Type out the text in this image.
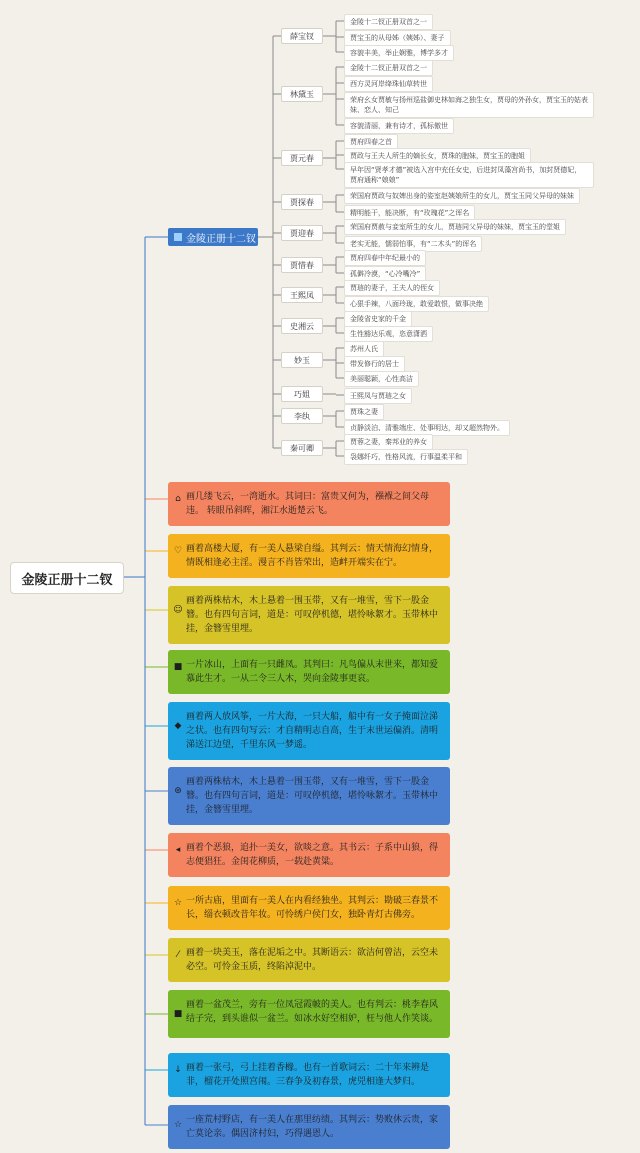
金陵正册十二钗
金陵正册十二钗
薛宝钗
金陵十二钗正册双首之一
贾宝玉的从母姊（姨姊）、妻子
容貌丰美，举止娴雅，博学多才
林黛玉
金陵十二钗正册双首之一
西方灵河岸绛珠仙草转世
荣府幺女贾敏与扬州巡盐御史林如海之独生女，贾母的外孙女，贾宝玉的姑表妹、恋人、知己
容貌清丽，兼有诗才，孤标傲世
贾元春
贾府四春之首
贾政与王夫人所生的嫡长女，贾珠的胞妹，贾宝玉的胞姐
早年因“贤孝才德”被选入宫中充任女史，后进封凤藻宫尚书，加封贤德妃，贾府通称“娘娘”
贾探春
荣国府贾政与奴婢出身的姿室赵姨娘所生的女儿，贾宝玉同父异母的妹妹
精明能干，能决断，有“玫瑰花”之诨名
贾迎春
荣国府贾赦与妾室所生的女儿，贾琏同父异母的妹妹，贾宝玉的堂姐
老实无能，懦弱怕事，有“二木头”的诨名
贾惜春
贾府四春中年纪最小的
孤僻冷漠，“心冷嘴冷”
王熙凤
贾琏的妻子，王夫人的侄女
心狠手辣，八面玲珑，敢爱敢恨，做事决绝
史湘云
金陵省史家的千金
生性豁达乐观，恣意潇洒
妙玉
苏州人氏
带发修行的居士
美丽聪颖，心性高洁
巧姐	王熙凤与贾琏之女
李纨	贾珠之妻
贞静淡泊、清雅端庄、处事明达，却又超然物外。
秦可卿
贾蓉之妻，秦邦业的养女
袅娜纤巧，性格风流，行事温柔平和
⌂ 画几缕飞云，一湾逝水。其词曰：富贵又何为，襁褓之间父母违。 转眼吊斜晖，湘江水逝楚云飞。
♡ 画着高楼大厦，有一美人悬梁自缢。其判云：情天情海幻情身，情既相逢必主淫。漫言不肖皆荣出，造衅开端实在宁。
☺
画着两株枯木，木上悬着一围玉带，又有一堆雪，雪下一股金簪。也有四句言词，道是：可叹停机德，堪怜咏絮才。玉带林中挂，金簪雪里埋。
■ 一片冰山，上面有一只雌凤。其判曰：凡鸟偏从末世来，都知爱慕此生才。一从二令三人木，哭向金陵事更哀。
◆
画着两人放风筝，一片大海，一只大船，船中有一女子掩面泣涕之状。也有四句写云：才自精明志自高，生于末世运偏消。清明涕送江边望，千里东风一梦遥。
⊛
画着两株枯木，木上悬着一围玉带，又有一堆雪，雪下一股金簪。也有四句言词，道是：可叹停机德，堪怜咏絮才。玉带林中挂，金簪雪里埋。
◂ 画着个恶狼，追扑一美女，欲啖之意。其书云：子系中山狼，得志便猖狂。金闺花柳质，一载赴黄粱。
☆ 一所古庙，里面有一美人在内看经独坐。其判云：勘破三春景不长，缁衣顿改昔年妆。可怜绣户侯门女，独卧青灯古佛旁。
⁄ 画着一块美玉，落在泥垢之中。其断语云：欲洁何曾洁，云空未必空。可怜金玉质，终陷淖泥中。
■
画着一盆茂兰，旁有一位凤冠霞帔的美人。也有判云：桃李春风结子完，到头谁似一盆兰。如冰水好空相妒，枉与他人作笑谈。
↓ 画着一张弓，弓上挂着香橼。也有一首歌词云：二十年来辨是非，榴花开处照宫闱。三春争及初春景，虎兕相逢大梦归。
☆ 一座荒村野店，有一美人在那里纺绩。其判云：势败休云贵，家亡莫论亲。偶因济村妇，巧得遇恩人。
